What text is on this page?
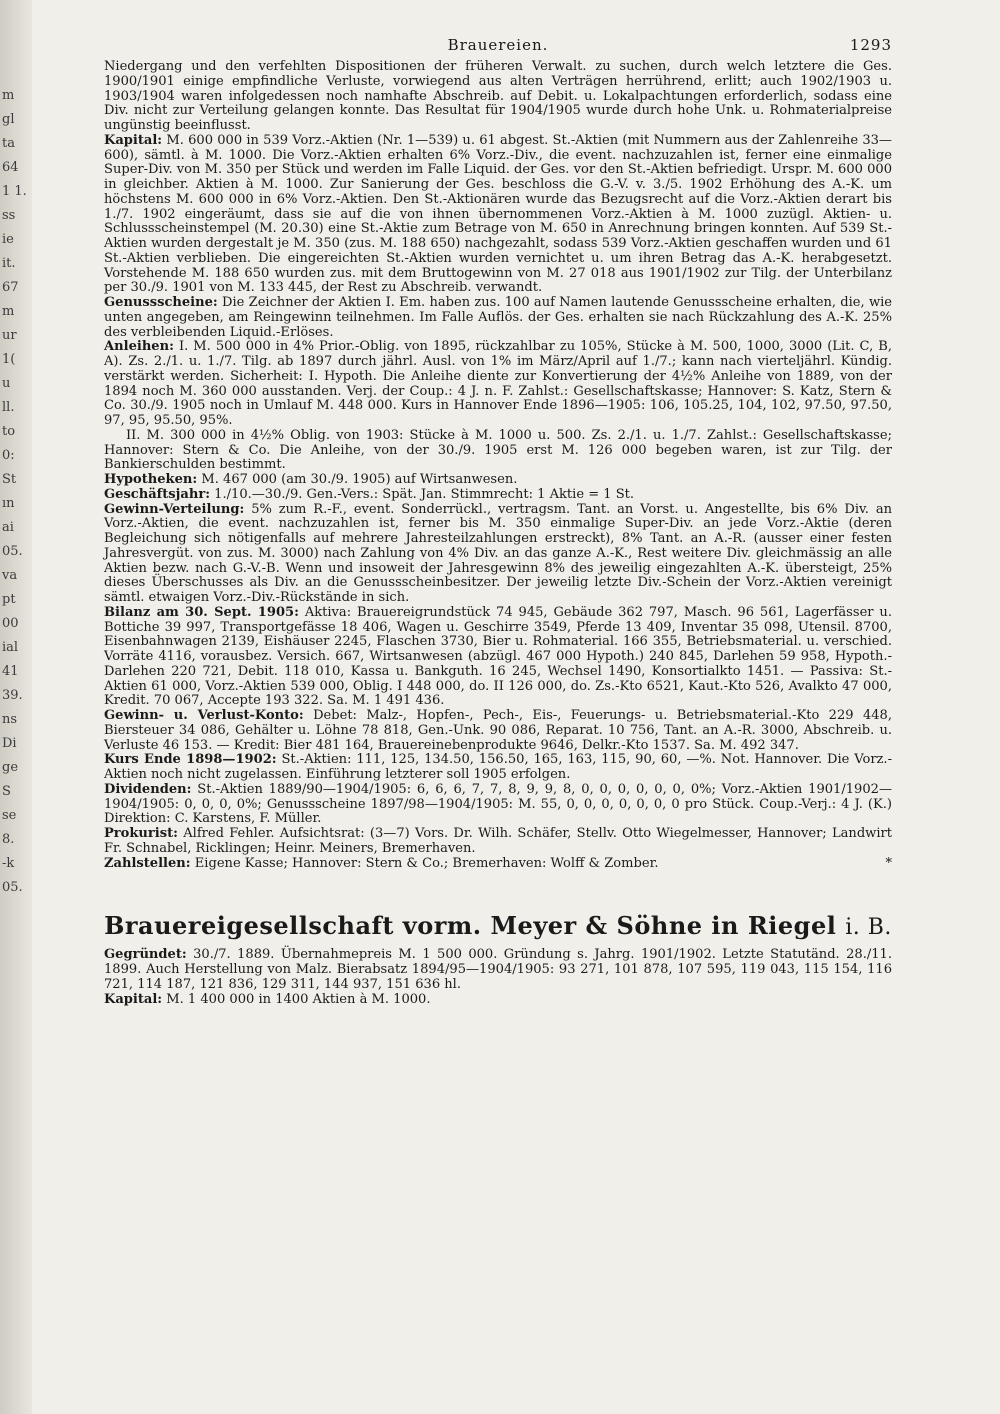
m
gl
ta
64
1 1.
ss
ie
it.
67
m
ur
1(
u
ll.
to
0:
St
ın
ai
05.
va
pt
00
ial
41
39.
ns
Di
ge
S
se
8.
-k
05.
Brauereien.	1293

Niedergang und den verfehlten Dispositionen der früheren Verwalt. zu suchen, durch welch letztere die Ges. 1900/1901 einige empfindliche Verluste, vorwiegend aus alten Verträgen herrührend, erlitt; auch 1902/1903 u. 1903/1904 waren infolgedessen noch namhafte Abschreib. auf Debit. u. Lokalpachtungen erforderlich, sodass eine Div. nicht zur Verteilung gelangen konnte. Das Resultat für 1904/1905 wurde durch hohe Unk. u. Rohmaterialpreise ungünstig beeinflusst.

Kapital: M. 600 000 in 539 Vorz.-Aktien (Nr. 1—539) u. 61 abgest. St.-Aktien (mit Nummern aus der Zahlenreihe 33—600), sämtl. à M. 1000. Die Vorz.-Aktien erhalten 6% Vorz.-Div., die event. nachzuzahlen ist, ferner eine einmalige Super-Div. von M. 350 per Stück und werden im Falle Liquid. der Ges. vor den St.-Aktien befriedigt. Urspr. M. 600 000 in gleichber. Aktien à M. 1000. Zur Sanierung der Ges. beschloss die G.-V. v. 3./5. 1902 Erhöhung des A.-K. um höchstens M. 600 000 in 6% Vorz.-Aktien. Den St.-Aktionären wurde das Bezugsrecht auf die Vorz.-Aktien derart bis 1./7. 1902 eingeräumt, dass sie auf die von ihnen übernommenen Vorz.-Aktien à M. 1000 zuzügl. Aktien- u. Schlussscheinstempel (M. 20.30) eine St.-Aktie zum Betrage von M. 650 in Anrechnung bringen konnten. Auf 539 St.-Aktien wurden dergestalt je M. 350 (zus. M. 188 650) nachgezahlt, sodass 539 Vorz.-Aktien geschaffen wurden und 61 St.-Aktien verblieben. Die eingereichten St.-Aktien wurden vernichtet u. um ihren Betrag das A.-K. herabgesetzt. Vorstehende M. 188 650 wurden zus. mit dem Bruttogewinn von M. 27 018 aus 1901/1902 zur Tilg. der Unterbilanz per 30./9. 1901 von M. 133 445, der Rest zu Abschreib. verwandt.

Genussscheine: Die Zeichner der Aktien I. Em. haben zus. 100 auf Namen lautende Genussscheine erhalten, die, wie unten angegeben, am Reingewinn teilnehmen. Im Falle Auflös. der Ges. erhalten sie nach Rückzahlung des A.-K. 25% des verbleibenden Liquid.-Erlöses.

Anleihen: I. M. 500 000 in 4% Prior.-Oblig. von 1895, rückzahlbar zu 105%, Stücke à M. 500, 1000, 3000 (Lit. C, B, A). Zs. 2./1. u. 1./7. Tilg. ab 1897 durch jährl. Ausl. von 1% im März/April auf 1./7.; kann nach vierteljährl. Kündig. verstärkt werden. Sicherheit: I. Hypoth. Die Anleihe diente zur Konvertierung der 4½% Anleihe von 1889, von der 1894 noch M. 360 000 ausstanden. Verj. der Coup.: 4 J. n. F. Zahlst.: Gesellschaftskasse; Hannover: S. Katz, Stern & Co. 30./9. 1905 noch in Umlauf M. 448 000. Kurs in Hannover Ende 1896—1905: 106, 105.25, 104, 102, 97.50, 97.50, 97, 95, 95.50, 95%.

II. M. 300 000 in 4½% Oblig. von 1903: Stücke à M. 1000 u. 500. Zs. 2./1. u. 1./7. Zahlst.: Gesellschaftskasse; Hannover: Stern & Co. Die Anleihe, von der 30./9. 1905 erst M. 126 000 begeben waren, ist zur Tilg. der Bankierschulden bestimmt.

Hypotheken: M. 467 000 (am 30./9. 1905) auf Wirtsanwesen.

Geschäftsjahr: 1./10.—30./9. Gen.-Vers.: Spät. Jan. Stimmrecht: 1 Aktie = 1 St.

Gewinn-Verteilung: 5% zum R.-F., event. Sonderrückl., vertragsm. Tant. an Vorst. u. Angestellte, bis 6% Div. an Vorz.-Aktien, die event. nachzuzahlen ist, ferner bis M. 350 einmalige Super-Div. an jede Vorz.-Aktie (deren Begleichung sich nötigenfalls auf mehrere Jahresteilzahlungen erstreckt), 8% Tant. an A.-R. (ausser einer festen Jahresvergüt. von zus. M. 3000) nach Zahlung von 4% Div. an das ganze A.-K., Rest weitere Div. gleichmässig an alle Aktien bezw. nach G.-V.-B. Wenn und insoweit der Jahresgewinn 8% des jeweilig eingezahlten A.-K. übersteigt, 25% dieses Überschusses als Div. an die Genussscheinbesitzer. Der jeweilig letzte Div.-Schein der Vorz.-Aktien vereinigt sämtl. etwaigen Vorz.-Div.-Rückstände in sich.

Bilanz am 30. Sept. 1905: Aktiva: Brauereigrundstück 74 945, Gebäude 362 797, Masch. 96 561, Lagerfässer u. Bottiche 39 997, Transportgefässe 18 406, Wagen u. Geschirre 3549, Pferde 13 409, Inventar 35 098, Utensil. 8700, Eisenbahnwagen 2139, Eishäuser 2245, Flaschen 3730, Bier u. Rohmaterial. 166 355, Betriebsmaterial. u. verschied. Vorräte 4116, vorausbez. Versich. 667, Wirtsanwesen (abzügl. 467 000 Hypoth.) 240 845, Darlehen 59 958, Hypoth.-Darlehen 220 721, Debit. 118 010, Kassa u. Bankguth. 16 245, Wechsel 1490, Konsortialkto 1451. — Passiva: St.-Aktien 61 000, Vorz.-Aktien 539 000, Oblig. I 448 000, do. II 126 000, do. Zs.-Kto 6521, Kaut.-Kto 526, Avalkto 47 000, Kredit. 70 067, Accepte 193 322. Sa. M. 1 491 436.

Gewinn- u. Verlust-Konto: Debet: Malz-, Hopfen-, Pech-, Eis-, Feuerungs- u. Betriebsmaterial.-Kto 229 448, Biersteuer 34 086, Gehälter u. Löhne 78 818, Gen.-Unk. 90 086, Reparat. 10 756, Tant. an A.-R. 3000, Abschreib. u. Verluste 46 153. — Kredit: Bier 481 164, Brauereinebenprodukte 9646, Delkr.-Kto 1537. Sa. M. 492 347.

Kurs Ende 1898—1902: St.-Aktien: 111, 125, 134.50, 156.50, 165, 163, 115, 90, 60, —%. Not. Hannover. Die Vorz.-Aktien noch nicht zugelassen. Einführung letzterer soll 1905 erfolgen.

Dividenden: St.-Aktien 1889/90—1904/1905: 6, 6, 6, 7, 7, 8, 9, 9, 8, 0, 0, 0, 0, 0, 0, 0%; Vorz.-Aktien 1901/1902—1904/1905: 0, 0, 0, 0%; Genussscheine 1897/98—1904/1905: M. 55, 0, 0, 0, 0, 0, 0, 0 pro Stück. Coup.-Verj.: 4 J. (K.) Direktion: C. Karstens, F. Müller.

Prokurist: Alfred Fehler. Aufsichtsrat: (3—7) Vors. Dr. Wilh. Schäfer, Stellv. Otto Wiegelmesser, Hannover; Landwirt Fr. Schnabel, Ricklingen; Heinr. Meiners, Bremerhaven.

Zahlstellen: Eigene Kasse; Hannover: Stern & Co.; Bremerhaven: Wolff & Zomber.	*

Brauereigesellschaft vorm. Meyer & Söhne in Riegel i. B.

Gegründet: 30./7. 1889. Übernahmepreis M. 1 500 000. Gründung s. Jahrg. 1901/1902. Letzte Statutänd. 28./11. 1899. Auch Herstellung von Malz. Bierabsatz 1894/95—1904/1905: 93 271, 101 878, 107 595, 119 043, 115 154, 116 721, 114 187, 121 836, 129 311, 144 937, 151 636 hl.

Kapital: M. 1 400 000 in 1400 Aktien à M. 1000.
